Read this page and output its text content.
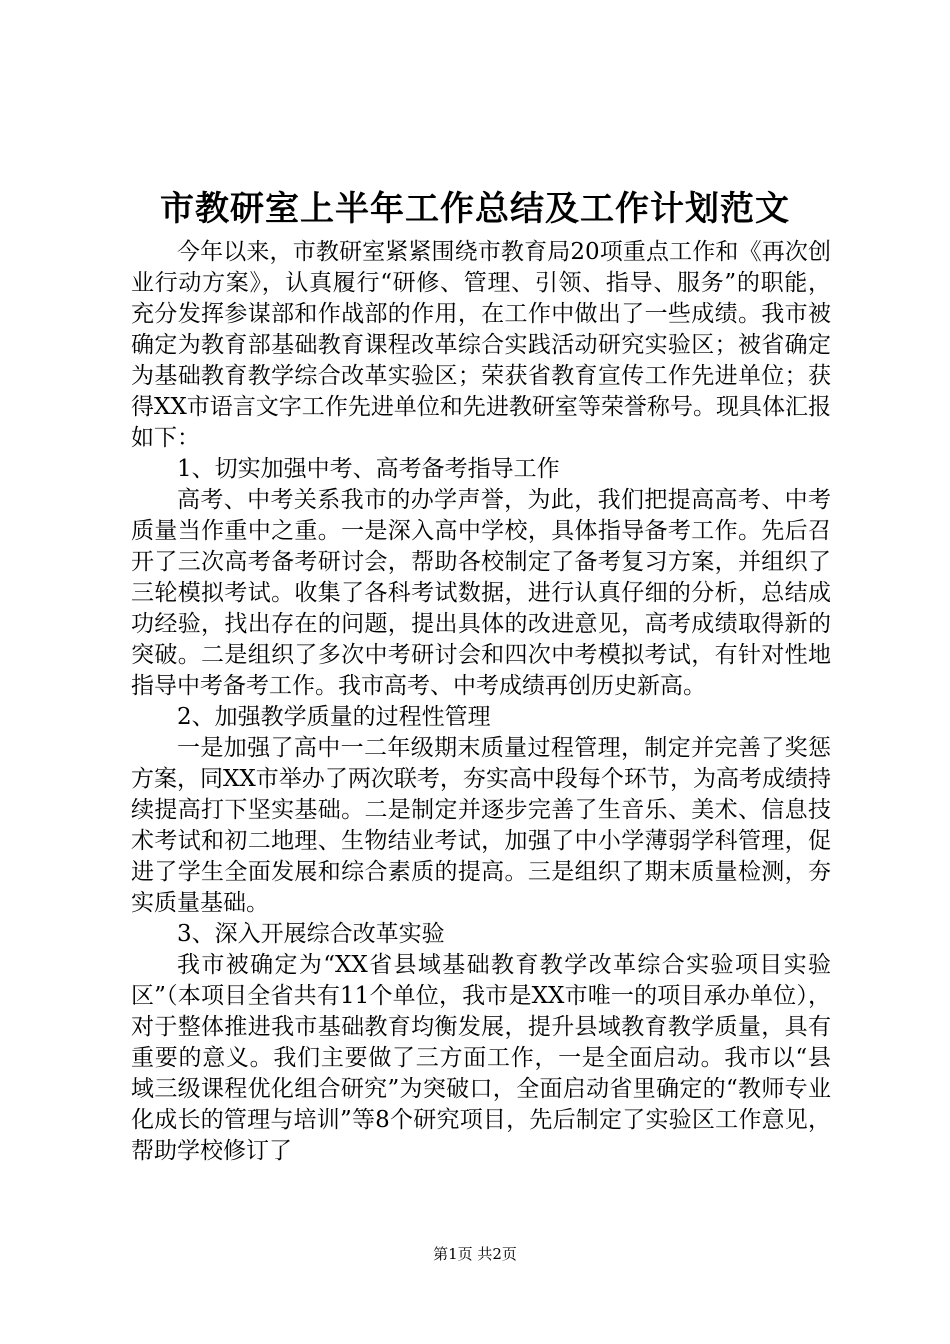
市教研室上半年工作总结及工作计划范文

今年以来，市教研室紧紧围绕市教育局20项重点工作和《再次创业行动方案》，认真履行“研修、管理、引领、指导、服务”的职能，充分发挥参谋部和作战部的作用，在工作中做出了一些成绩。我市被确定为教育部基础教育课程改革综合实践活动研究实验区；被省确定为基础教育教学综合改革实验区；荣获省教育宣传工作先进单位；获得XX市语言文字工作先进单位和先进教研室等荣誉称号。现具体汇报如下：

1、切实加强中考、高考备考指导工作

高考、中考关系我市的办学声誉，为此，我们把提高高考、中考质量当作重中之重。一是深入高中学校，具体指导备考工作。先后召开了三次高考备考研讨会，帮助各校制定了备考复习方案，并组织了三轮模拟考试。收集了各科考试数据，进行认真仔细的分析，总结成功经验，找出存在的问题，提出具体的改进意见，高考成绩取得新的突破。二是组织了多次中考研讨会和四次中考模拟考试，有针对性地指导中考备考工作。我市高考、中考成绩再创历史新高。

2、加强教学质量的过程性管理

一是加强了高中一二年级期末质量过程管理，制定并完善了奖惩方案，同XX市举办了两次联考，夯实高中段每个环节，为高考成绩持续提高打下坚实基础。二是制定并逐步完善了生音乐、美术、信息技术考试和初二地理、生物结业考试，加强了中小学薄弱学科管理，促进了学生全面发展和综合素质的提高。三是组织了期末质量检测，夯实质量基础。

3、深入开展综合改革实验

我市被确定为“XX省县域基础教育教学改革综合实验项目实验区”（本项目全省共有11个单位，我市是XX市唯一的项目承办单位），对于整体推进我市基础教育均衡发展，提升县域教育教学质量，具有重要的意义。我们主要做了三方面工作，一是全面启动。我市以“县域三级课程优化组合研究”为突破口，全面启动省里确定的“教师专业化成长的管理与培训”等8个研究项目，先后制定了实验区工作意见，帮助学校修订了

第1页 共2页
